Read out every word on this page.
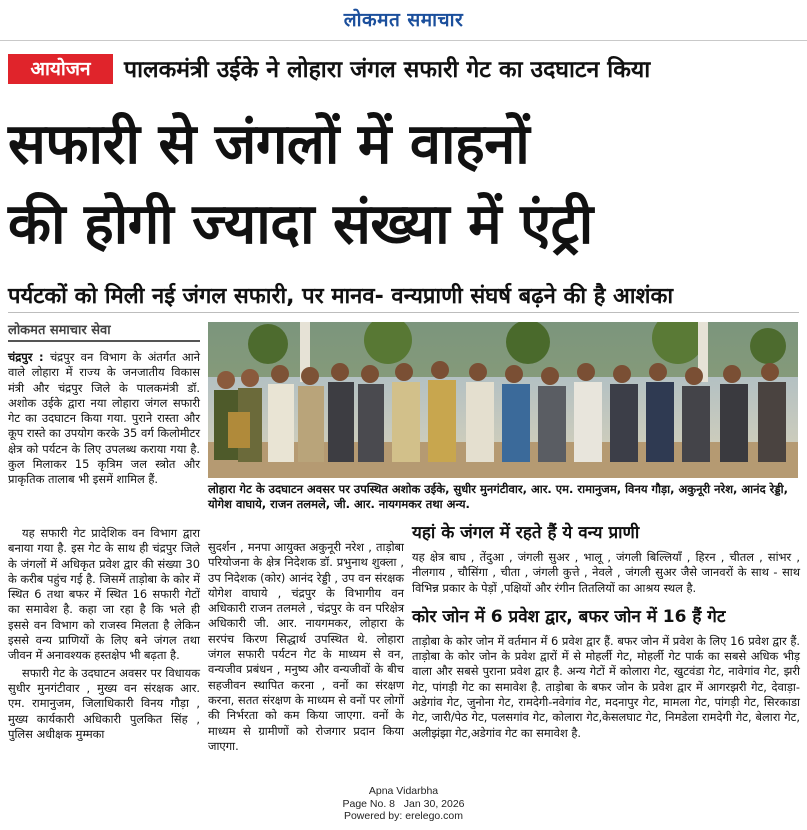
लोकमत समाचार
आयोजन	पालकमंत्री उईके ने लोहारा जंगल सफारी गेट का उदघाटन किया
सफारी से जंगलों में वाहनों
की होगी ज्यादा संख्या में एंट्री
पर्यटकों को मिली नई जंगल सफारी, पर मानव- वन्यप्राणी संघर्ष बढ़ने की है आशंका
लोकमत समाचार सेवा
लोहारा गेट के उदघाटन अवसर पर उपस्थित अशोक उईके, सुधीर मुनगंटीवार, आर. एम. रामानुजम, विनय गौड़ा, अकुनूरी नरेश, आनंद रेड्डी, योगेश वाघाये, राजन तलमले, जी. आर. नायगमकर तथा अन्य.
चंद्रपुर : चंद्रपुर वन विभाग के अंतर्गत आने वाले लोहारा में राज्य के जनजातीय विकास मंत्री और चंद्रपुर जिले के पालकमंत्री डॉ. अशोक उईके द्वारा नया लोहारा जंगल सफारी गेट का उदघाटन किया गया. पुराने रास्ता और कूप रास्ते का उपयोग करके 35 वर्ग किलोमीटर क्षेत्र को पर्यटन के लिए उपलब्ध कराया गया है. कुल मिलाकर 15 कृत्रिम जल स्त्रोत और प्राकृतिक तालाब भी इसमें शामिल हैं.
यह सफारी गेट प्रादेशिक वन विभाग द्वारा बनाया गया है. इस गेट के साथ ही चंद्रपुर जिले के जंगलों में अधिकृत प्रवेश द्वार की संख्या 30 के करीब पहुंच गई है. जिसमें ताड़ोबा के कोर में स्थित 6 तथा बफर में स्थित 16 सफारी गेटों का समावेश है. कहा जा रहा है कि भले ही इससे वन विभाग को राजस्व मिलता है लेकिन इससे वन्य प्राणियों के लिए बने जंगल तथा जीवन में अनावश्यक हस्तक्षेप भी बढ़ता है.
सफारी गेट के उदघाटन अवसर पर विधायक सुधीर मुनगंटीवार , मुख्य वन संरक्षक आर. एम. रामानुजम, जिलाधिकारी विनय गौड़ा , मुख्य कार्यकारी अधिकारी पुलकित सिंह , पुलिस अधीक्षक मुम्मका
सुदर्शन , मनपा आयुक्त अकुनूरी नरेश , ताड़ोबा परियोजना के क्षेत्र निदेशक डॉ. प्रभुनाथ शुक्ला , उप निदेशक (कोर) आनंद रेड्डी , उप वन संरक्षक योगेश वाघाये , चंद्रपुर के विभागीय वन अधिकारी राजन तलमले , चंद्रपुर के वन परिक्षेत्र अधिकारी जी. आर. नायगमकर, लोहारा के सरपंच किरण सिद्धार्थ उपस्थित थे. लोहारा जंगल सफारी पर्यटन गेट के माध्यम से वन, वन्यजीव प्रबंधन , मनुष्य और वन्यजीवों के बीच सहजीवन स्थापित करना , वनों का संरक्षण करना, सतत संरक्षण के माध्यम से वनों पर लोगों की निर्भरता को कम किया जाएगा. वनों के माध्यम से ग्रामीणों को रोजगार प्रदान किया जाएगा.
यहां के जंगल में रहते हैं ये वन्य प्राणी

यह क्षेत्र बाघ , तेंदुआ , जंगली सुअर , भालू , जंगली बिल्लियाँ , हिरन , चीतल , सांभर , नीलगाय , चौसिंगा , चीता , जंगली कुत्ते , नेवले , जंगली सुअर जैसे जानवरों के साथ - साथ विभिन्न प्रकार के पेड़ों ,पक्षियों और रंगीन तितलियों का आश्रय स्थल है.

कोर जोन में 6 प्रवेश द्वार, बफर जोन में 16 हैं गेट

ताड़ोबा के कोर जोन में वर्तमान में 6 प्रवेश द्वार हैं. बफर जोन में प्रवेश के लिए 16 प्रवेश द्वार हैं. ताड़ोबा के कोर जोन के प्रवेश द्वारों में से मोहर्ली गेट, मोहर्ली गेट पार्क का सबसे अधिक भीड़ वाला और सबसे पुराना प्रवेश द्वार है. अन्य गेटों में कोलारा गेट, खुटवंडा गेट, नावेगांव गेट, झरी गेट, पांगड़ी गेट का समावेश है. ताड़ोबा के बफर जोन के प्रवेश द्वार में आगरझरी गेट, देवाड़ा-अडेगांव गेट, जुनोना गेट, रामदेगी-नवेगांव गेट, मदनापुर गेट, मामला गेट, पांगड़ी गेट, सिरकाडा गेट, जारी/पेठ गेट, पलसगांव गेट, कोलारा गेट,केसलघाट गेट, निमडेला रामदेगी गेट, बेलारा गेट, अलीझंझा गेट,अडेगांव गेट का समावेश है.

Apna Vidarbha
Page No. 8 Jan 30, 2026
Powered by: erelego.com
